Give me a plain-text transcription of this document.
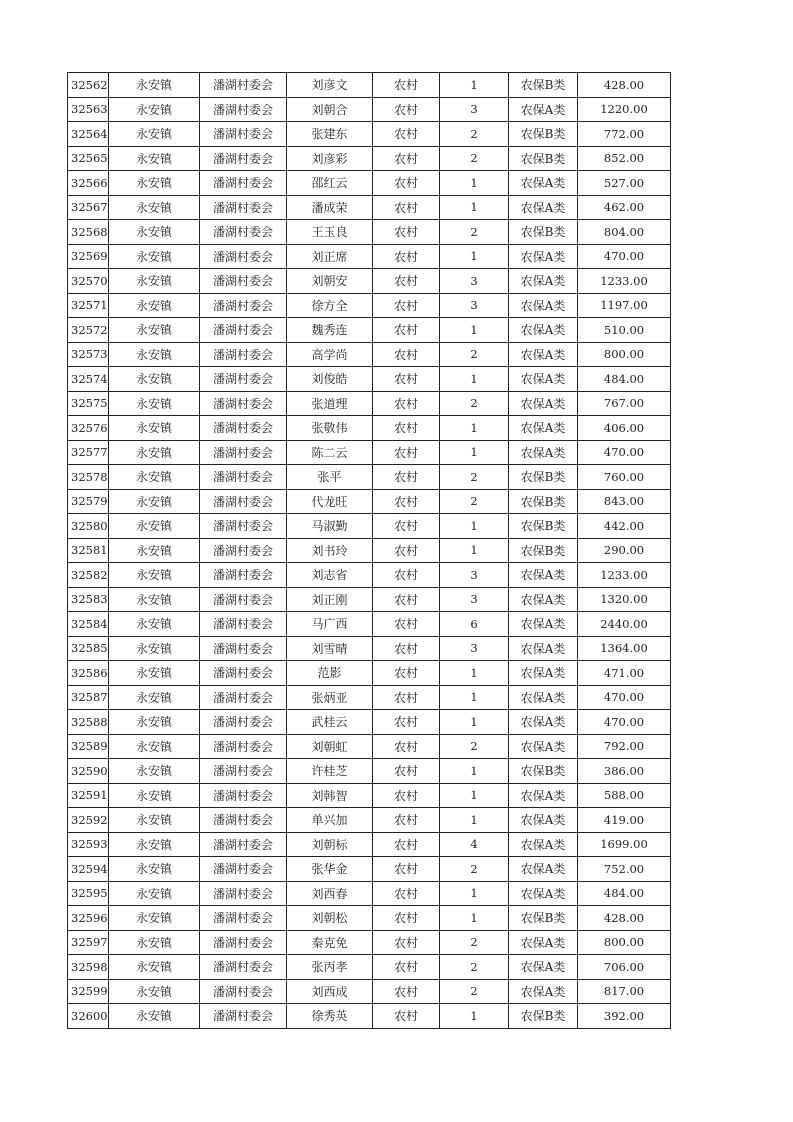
32562	永安镇	潘湖村委会	刘彦文	农村	1	农保B类	428.00
32563	永安镇	潘湖村委会	刘朝合	农村	3	农保A类	1220.00
32564	永安镇	潘湖村委会	张建东	农村	2	农保B类	772.00
32565	永安镇	潘湖村委会	刘彦彩	农村	2	农保B类	852.00
32566	永安镇	潘湖村委会	邵红云	农村	1	农保A类	527.00
32567	永安镇	潘湖村委会	潘成荣	农村	1	农保A类	462.00
32568	永安镇	潘湖村委会	王玉良	农村	2	农保B类	804.00
32569	永安镇	潘湖村委会	刘正席	农村	1	农保A类	470.00
32570	永安镇	潘湖村委会	刘朝安	农村	3	农保A类	1233.00
32571	永安镇	潘湖村委会	徐方全	农村	3	农保A类	1197.00
32572	永安镇	潘湖村委会	魏秀连	农村	1	农保A类	510.00
32573	永安镇	潘湖村委会	高学尚	农村	2	农保A类	800.00
32574	永安镇	潘湖村委会	刘俊皓	农村	1	农保A类	484.00
32575	永安镇	潘湖村委会	张道理	农村	2	农保A类	767.00
32576	永安镇	潘湖村委会	张敬伟	农村	1	农保A类	406.00
32577	永安镇	潘湖村委会	陈二云	农村	1	农保A类	470.00
32578	永安镇	潘湖村委会	张平	农村	2	农保B类	760.00
32579	永安镇	潘湖村委会	代龙旺	农村	2	农保B类	843.00
32580	永安镇	潘湖村委会	马淑勤	农村	1	农保B类	442.00
32581	永安镇	潘湖村委会	刘书玲	农村	1	农保B类	290.00
32582	永安镇	潘湖村委会	刘志省	农村	3	农保A类	1233.00
32583	永安镇	潘湖村委会	刘正刚	农村	3	农保A类	1320.00
32584	永安镇	潘湖村委会	马广西	农村	6	农保A类	2440.00
32585	永安镇	潘湖村委会	刘雪晴	农村	3	农保A类	1364.00
32586	永安镇	潘湖村委会	范影	农村	1	农保A类	471.00
32587	永安镇	潘湖村委会	张炳亚	农村	1	农保A类	470.00
32588	永安镇	潘湖村委会	武桂云	农村	1	农保A类	470.00
32589	永安镇	潘湖村委会	刘朝虹	农村	2	农保A类	792.00
32590	永安镇	潘湖村委会	许桂芝	农村	1	农保B类	386.00
32591	永安镇	潘湖村委会	刘韩智	农村	1	农保A类	588.00
32592	永安镇	潘湖村委会	单兴加	农村	1	农保A类	419.00
32593	永安镇	潘湖村委会	刘朝标	农村	4	农保A类	1699.00
32594	永安镇	潘湖村委会	张华金	农村	2	农保A类	752.00
32595	永安镇	潘湖村委会	刘西春	农村	1	农保A类	484.00
32596	永安镇	潘湖村委会	刘朝松	农村	1	农保B类	428.00
32597	永安镇	潘湖村委会	秦克免	农村	2	农保A类	800.00
32598	永安镇	潘湖村委会	张丙孝	农村	2	农保A类	706.00
32599	永安镇	潘湖村委会	刘西成	农村	2	农保A类	817.00
32600	永安镇	潘湖村委会	徐秀英	农村	1	农保B类	392.00
